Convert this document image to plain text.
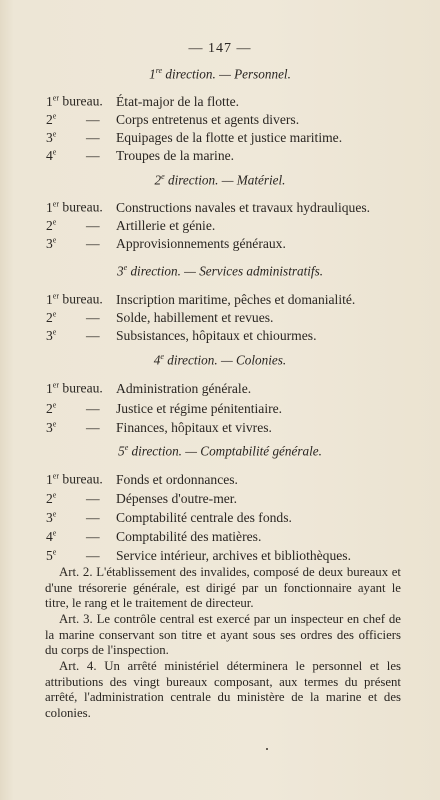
— 147 —
1re direction. — Personnel.
1er bureau. État-major de la flotte.
2e — Corps entretenus et agents divers.
3e — Equipages de la flotte et justice maritime.
4e — Troupes de la marine.
2e direction. — Matériel.
1er bureau. Constructions navales et travaux hydrauliques.
2e — Artillerie et génie.
3e — Approvisionnements généraux.
3e direction. — Services administratifs.
1er bureau. Inscription maritime, pêches et domanialité.
2e — Solde, habillement et revues.
3e — Subsistances, hôpitaux et chiourmes.
4e direction. — Colonies.
1er bureau. Administration générale.
2e — Justice et régime pénitentiaire.
3e — Finances, hôpitaux et vivres.
5e direction. — Comptabilité générale.
1er bureau. Fonds et ordonnances.
2e — Dépenses d'outre-mer.
3e — Comptabilité centrale des fonds.
4e — Comptabilité des matières.
5e — Service intérieur, archives et bibliothèques.
Art. 2. L'établissement des invalides, composé de deux bureaux et d'une trésorerie générale, est dirigé par un fonctionnaire ayant le titre, le rang et le traitement de directeur.
Art. 3. Le contrôle central est exercé par un inspecteur en chef de la marine conservant son titre et ayant sous ses ordres des officiers du corps de l'inspection.
Art. 4. Un arrêté ministériel déterminera le personnel et les attributions des vingt bureaux composant, aux termes du présent arrêté, l'administration centrale du ministère de la marine et des colonies.
